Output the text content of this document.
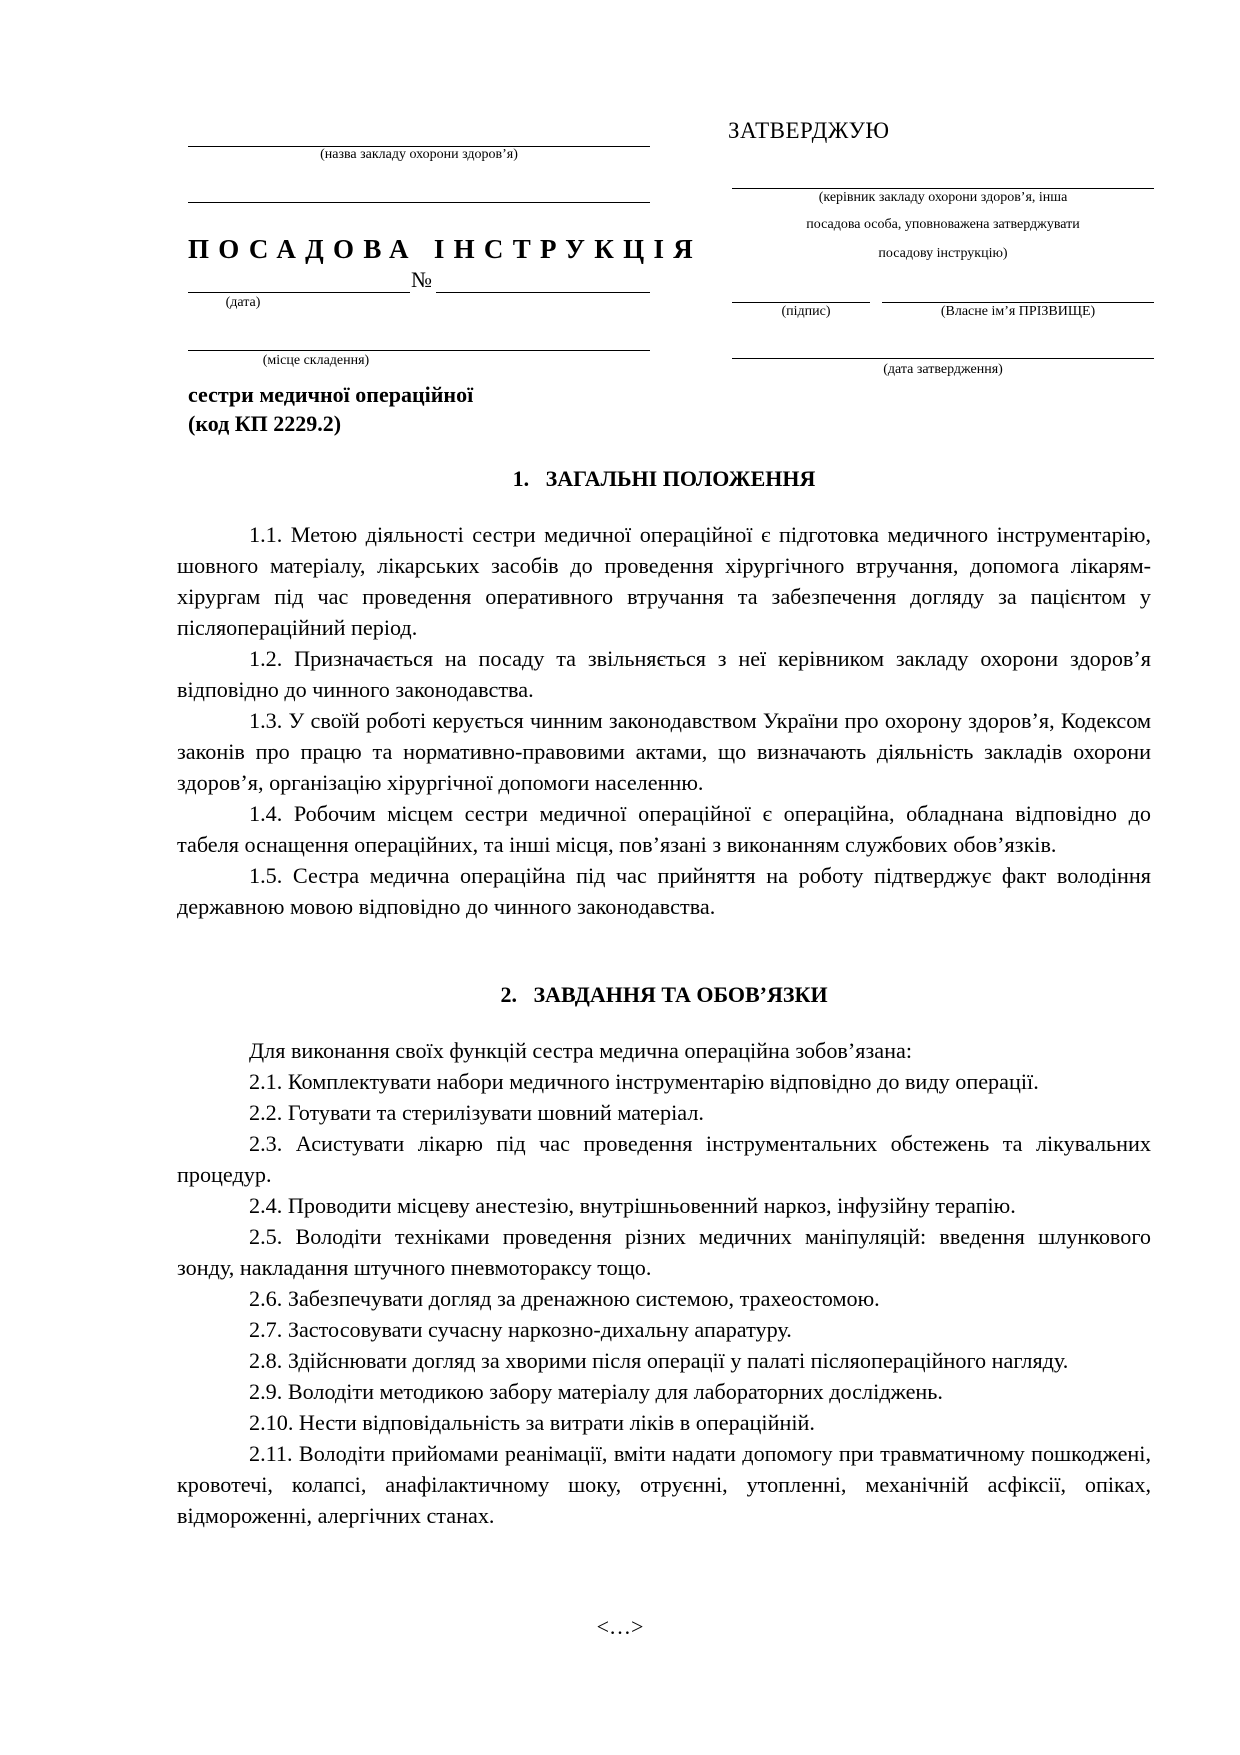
(назва закладу охорони здоров’я)
ПОСАДОВА ІНСТРУКЦІЯ
№
(дата)
(місце складення)
сестри медичної операційної
(код КП 2229.2)
ЗАТВЕРДЖУЮ
(керівник закладу охорони здоров’я, інша
посадова особа, уповноважена затверджувати
посадову інструкцію)
(підпис)	(Власне ім’я ПРІЗВИЩЕ)
(дата затвердження)
1.   ЗАГАЛЬНІ ПОЛОЖЕННЯ

1.1. Метою діяльності сестри медичної операційної є підготовка медичного інструментарію, шовного матеріалу, лікарських засобів до проведення хірургічного втручання, допомога лікарям-хірургам під час проведення оперативного втручання та забезпечення догляду за пацієнтом у післяопераційний період.

1.2. Призначається на посаду та звільняється з неї керівником закладу охорони здоров’я відповідно до чинного законодавства.

1.3. У своїй роботі керується чинним законодавством України про охорону здоров’я, Кодексом законів про працю та нормативно-правовими актами, що визначають діяльність закладів охорони здоров’я, організацію хірургічної допомоги населенню.

1.4. Робочим місцем сестри медичної операційної є операційна, обладнана відповідно до табеля оснащення операційних, та інші місця, пов’язані з виконанням службових обов’язків.

1.5. Сестра медична операційна під час прийняття на роботу підтверджує факт володіння державною мовою відповідно до чинного законодавства.

2.   ЗАВДАННЯ ТА ОБОВ’ЯЗКИ

Для виконання своїх функцій сестра медична операційна зобов’язана:

2.1. Комплектувати набори медичного інструментарію відповідно до виду операції.

2.2. Готувати та стерилізувати шовний матеріал.

2.3. Асистувати лікарю під час проведення інструментальних обстежень та лікувальних процедур.

2.4. Проводити місцеву анестезію, внутрішньовенний наркоз, інфузійну терапію.

2.5. Володіти техніками проведення різних медичних маніпуляцій: введення шлункового зонду, накладання штучного пневмотораксу тощо.

2.6. Забезпечувати догляд за дренажною системою, трахеостомою.

2.7. Застосовувати сучасну наркозно-дихальну апаратуру.

2.8. Здійснювати догляд за хворими після операції у палаті післяопераційного нагляду.

2.9. Володіти методикою забору матеріалу для лабораторних досліджень.

2.10. Нести відповідальність за витрати ліків в операційній.

2.11. Володіти прийомами реанімації, вміти надати допомогу при травматичному пошкоджені, кровотечі, колапсі, анафілактичному шоку, отруєнні, утопленні, механічній асфіксії, опіках, відмороженні, алергічних станах.

<…>
